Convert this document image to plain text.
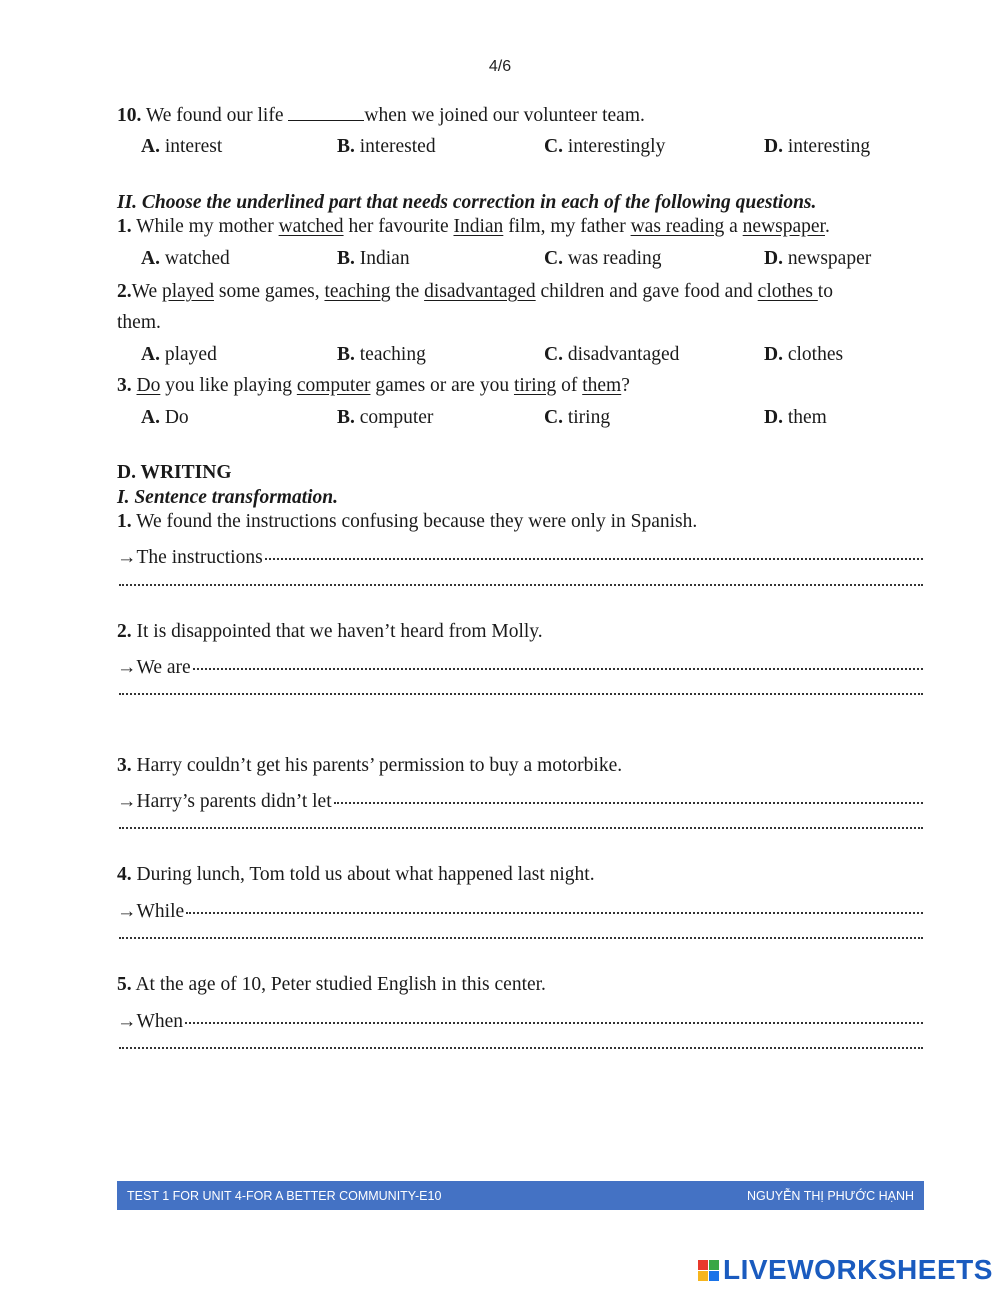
4/6
10. We found our life	when we joined our volunteer team.
A. interest	B. interested	C. interestingly	D. interesting
II. Choose the underlined part that needs correction in each of the following questions.
1. While my mother watched her favourite Indian film, my father was reading a newspaper.
A. watched	B. Indian	C. was reading	D. newspaper
2.We played some games, teaching the disadvantaged children and gave food and clothes to
them.
A. played	B. teaching	C. disadvantaged	D. clothes
3. Do you like playing computer games or are you tiring of them?
A. Do	B. computer	C. tiring	D. them
D. WRITING
I. Sentence transformation.
1. We found the instructions confusing because they were only in Spanish.
→The instructions
2. It is disappointed that we haven’t heard from Molly.
→We are
3. Harry couldn’t get his parents’ permission to buy a motorbike.
→Harry’s parents didn’t let
4. During lunch, Tom told us about what happened last night.
→While
5. At the age of 10, Peter studied English in this center.
→When
TEST 1 FOR UNIT 4-FOR A BETTER COMMUNITY-E10	NGUYỄN THỊ PHƯỚC HẠNH
LIVEWORKSHEETS
